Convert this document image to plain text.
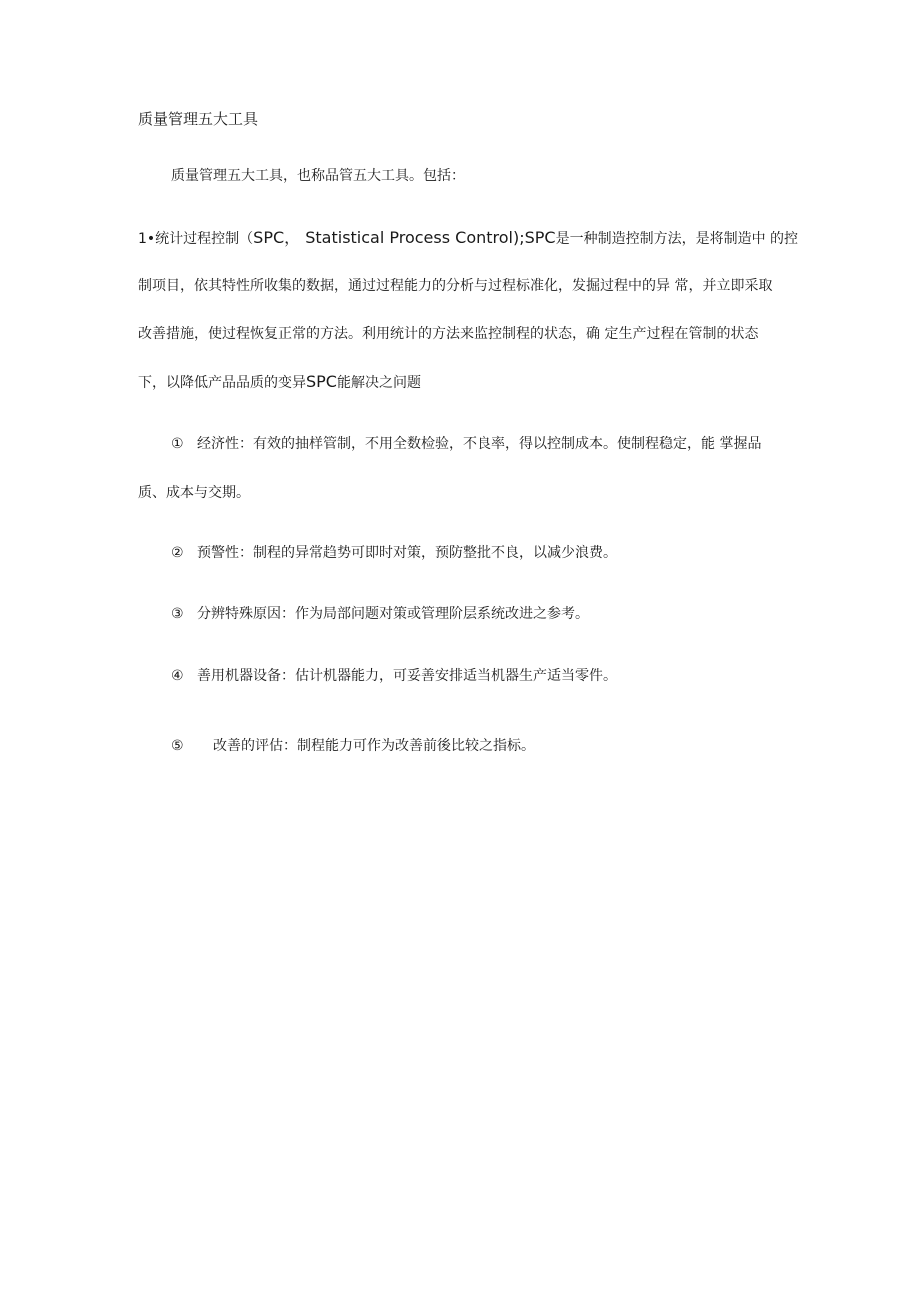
质量管理五大工具
质量管理五大工具，也称品管五大工具。包括：
1•统计过程控制（SPC， Statistical Process Control);SPC是一种制造控制方法，是将制造中 的控
制项目，依其特性所收集的数据，通过过程能力的分析与过程标准化，发掘过程中的异 常，并立即采取
改善措施，使过程恢复正常的方法。利用统计的方法来监控制程的状态，确 定生产过程在管制的状态
下，以降低产品品质的变异SPC能解决之问题
① 经济性：有效的抽样管制，不用全数检验，不良率，得以控制成本。使制程稳定，能 掌握品
质、成本与交期。
② 预警性：制程的异常趋势可即时对策，预防整批不良，以减少浪费。
③ 分辨特殊原因：作为局部问题对策或管理阶层系统改进之参考。
④ 善用机器设备：估计机器能力，可妥善安排适当机器生产适当零件。
⑤ 改善的评估：制程能力可作为改善前後比较之指标。
